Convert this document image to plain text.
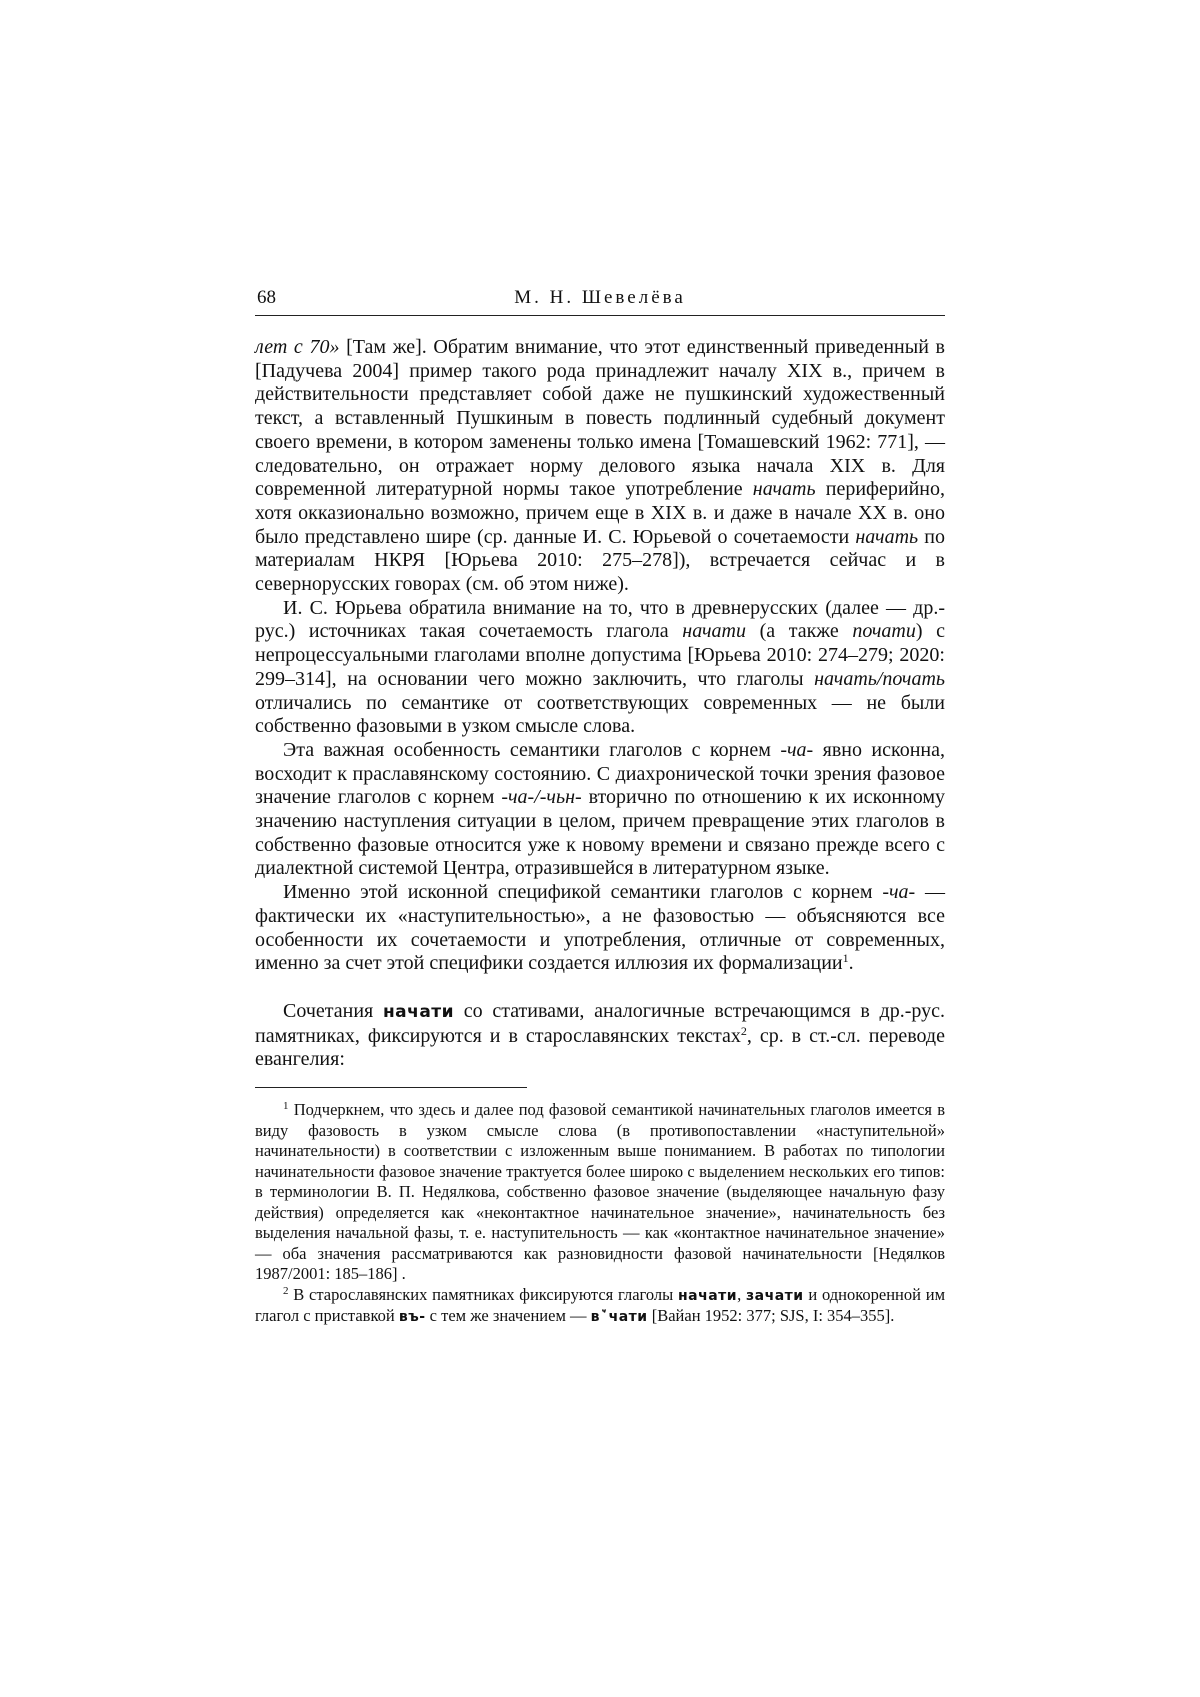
68	М. Н. Шевелёва

лет с 70» [Там же]. Обратим внимание, что этот единственный приведенный в [Падучева 2004] пример такого рода принадлежит началу XIX в., причем в действительности представляет собой даже не пушкинский художественный текст, а вставленный Пушкиным в повесть подлинный судебный документ своего времени, в котором заменены только имена [Томашевский 1962: 771], — следовательно, он отражает норму делового языка начала XIX в. Для современной литературной нормы такое употребление начать периферийно, хотя окказионально возможно, причем еще в XIX в. и даже в начале XX в. оно было представлено шире (ср. данные И. С. Юрьевой о сочетаемости начать по материалам НКРЯ [Юрьева 2010: 275–278]), встречается сейчас и в севернорусских говорах (см. об этом ниже).

И. С. Юрьева обратила внимание на то, что в древнерусских (далее — др.-рус.) источниках такая сочетаемость глагола начати (а также почати) с непроцессуальными глаголами вполне допустима [Юрьева 2010: 274–279; 2020: 299–314], на основании чего можно заключить, что глаголы начать/почать отличались по семантике от соответствующих современных — не были собственно фазовыми в узком смысле слова.

Эта важная особенность семантики глаголов с корнем -ча- явно исконна, восходит к праславянскому состоянию. С диахронической точки зрения фазовое значение глаголов с корнем -ча-/-чьн- вторично по отношению к их исконному значению наступления ситуации в целом, причем превращение этих глаголов в собственно фазовые относится уже к новому времени и связано прежде всего с диалектной системой Центра, отразившейся в литературном языке.

Именно этой исконной спецификой семантики глаголов с корнем -ча- — фактически их «наступительностью», а не фазовостью — объясняются все особенности их сочетаемости и употребления, отличные от современных, именно за счет этой специфики создается иллюзия их формализации$^1$.

Сочетания начати со стативами, аналогичные встречающимся в др.-рус. памятниках, фиксируются и в старославянских текстах$^2$, ср. в ст.-сл. переводе евангелия:

$^1$ Подчеркнем, что здесь и далее под фазовой семантикой начинательных глаголов имеется в виду фазовость в узком смысле слова (в противопоставлении «наступительной» начинательности) в соответствии с изложенным выше пониманием. В работах по типологии начинательности фазовое значение трактуется более широко с выделением нескольких его типов: в терминологии В. П. Недялкова, собственно фазовое значение (выделяющее начальную фазу действия) определяется как «неконтактное начинательное значение», начинательность без выделения начальной фазы, т. е. наступительность — как «контактное начинательное значение» — оба значения рассматриваются как разновидности фазовой начинательности [Недялков 1987/2001: 185–186] .

$^2$ В старославянских памятниках фиксируются глаголы начати, зачати и однокоренной им глагол с приставкой въ- с тем же значением — вꙿчати [Вайан 1952: 377; SJS, I: 354–355].
